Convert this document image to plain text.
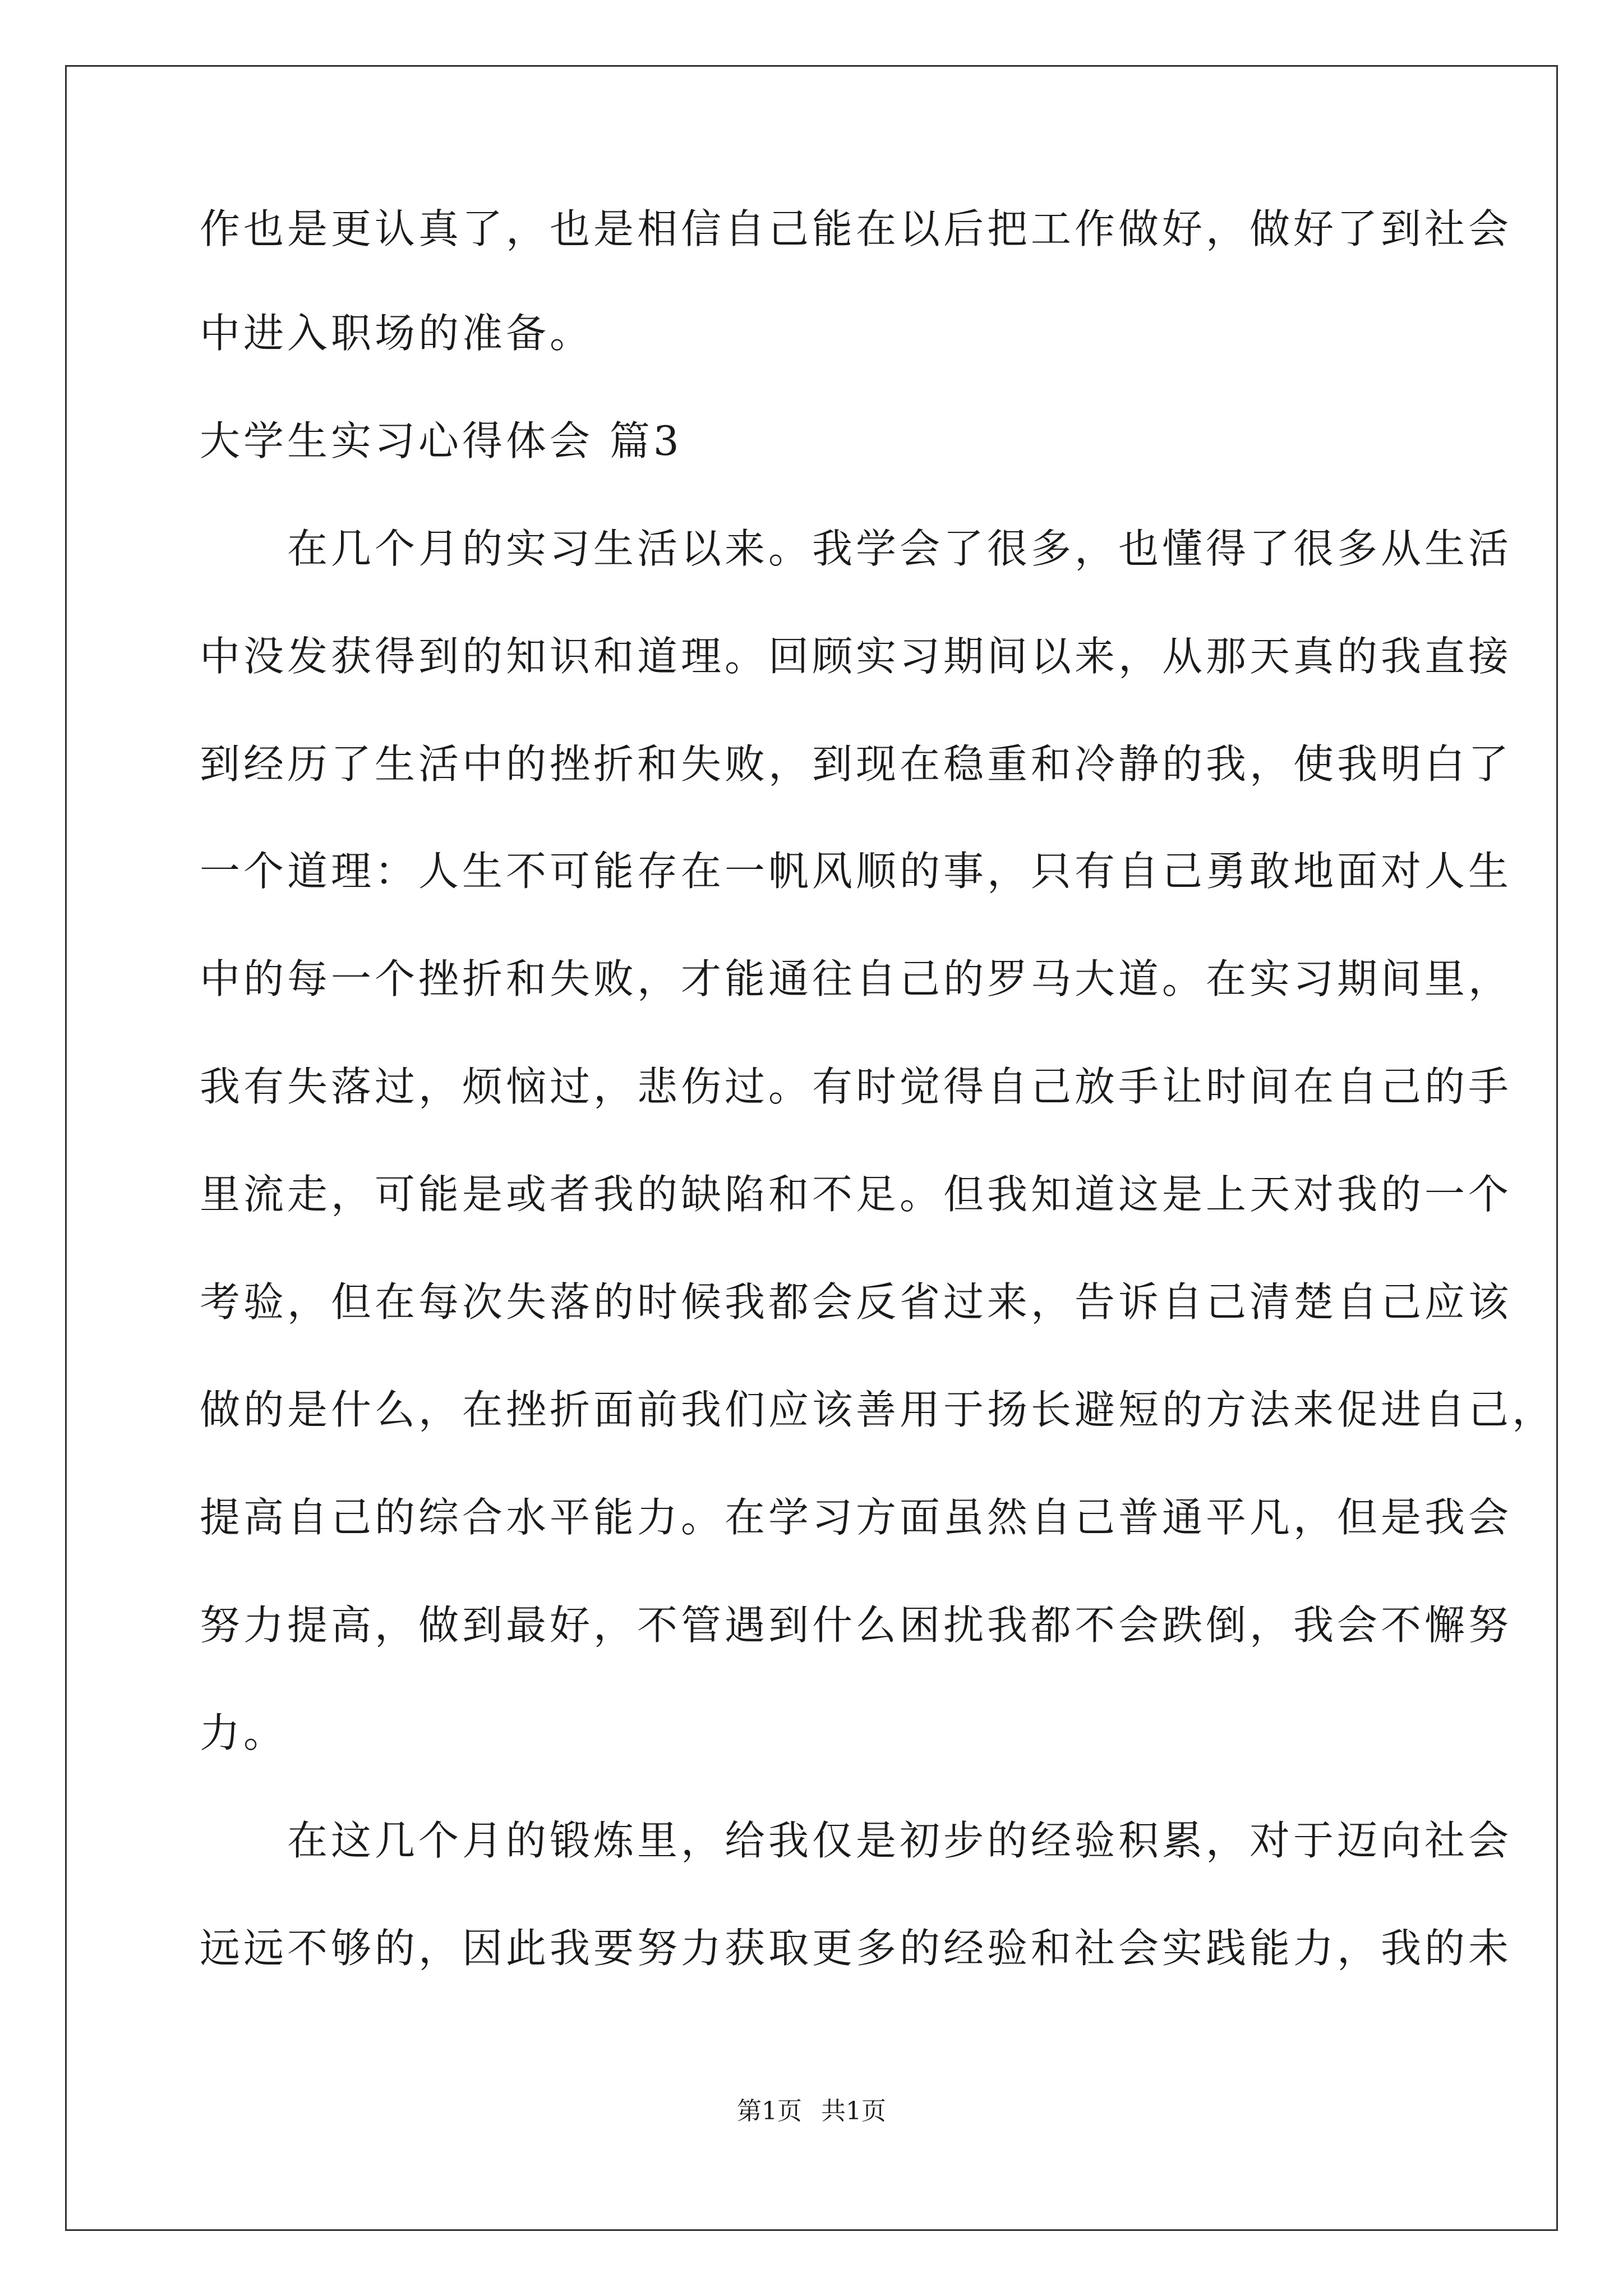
作也是更认真了，也是相信自己能在以后把工作做好，做好了到社会
中进入职场的准备。
大学生实习心得体会 篇3
　　在几个月的实习生活以来。我学会了很多，也懂得了很多从生活
中没发获得到的知识和道理。回顾实习期间以来，从那天真的我直接
到经历了生活中的挫折和失败，到现在稳重和冷静的我，使我明白了
一个道理：人生不可能存在一帆风顺的事，只有自己勇敢地面对人生
中的每一个挫折和失败，才能通往自己的罗马大道。在实习期间里，
我有失落过，烦恼过，悲伤过。有时觉得自己放手让时间在自己的手
里流走，可能是或者我的缺陷和不足。但我知道这是上天对我的一个
考验，但在每次失落的时候我都会反省过来，告诉自己清楚自己应该
做的是什么，在挫折面前我们应该善用于扬长避短的方法来促进自己，
提高自己的综合水平能力。在学习方面虽然自己普通平凡，但是我会
努力提高，做到最好，不管遇到什么困扰我都不会跌倒，我会不懈努
力。
　　在这几个月的锻炼里，给我仅是初步的经验积累，对于迈向社会
远远不够的，因此我要努力获取更多的经验和社会实践能力，我的未
第1页 共1页
